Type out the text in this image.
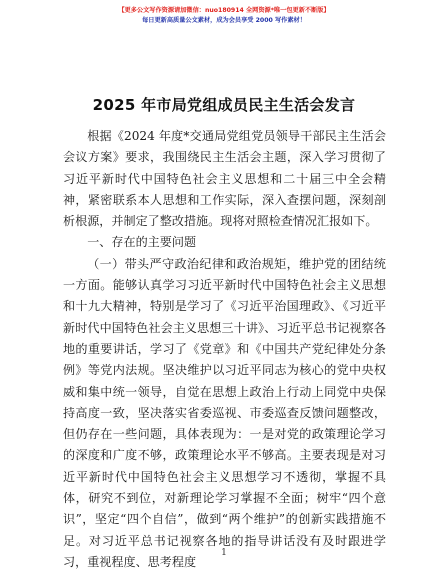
【更多公文写作资源请加微信：nuo180914 全网资源*唯一包更新不断版】
每日更新高质量公文素材，成为会员享受 2000 写作素材！
2025 年市局党组成员民主生活会发言

根据《2024 年度*交通局党组党员领导干部民主生活会会议方案》要求，我围绕民主生活会主题，深入学习贯彻了习近平新时代中国特色社会主义思想和二十届三中全会精神，紧密联系本人思想和工作实际，深入查摆问题，深刻剖析根源，并制定了整改措施。现将对照检查情况汇报如下。

一、存在的主要问题

（一）带头严守政治纪律和政治规矩，维护党的团结统一方面。能够认真学习习近平新时代中国特色社会主义思想和十九大精神，特别是学习了《习近平治国理政》、《习近平新时代中国特色社会主义思想三十讲》、习近平总书记视察各地的重要讲话，学习了《党章》和《中国共产党纪律处分条例》等党内法规。坚决维护以习近平同志为核心的党中央权威和集中统一领导，自觉在思想上政治上行动上同党中央保持高度一致，坚决落实省委巡视、市委巡查反馈问题整改，但仍存在一些问题，具体表现为：一是对党的政策理论学习的深度和广度不够，政策理论水平不够高。主要表现是对习近平新时代中国特色社会主义思想学习不透彻，掌握不具体，研究不到位，对新理论学习掌握不全面；树牢“四个意识”，坚定“四个自信”，做到“两个维护”的创新实践措施不足。对习近平总书记视察各地的指导讲话没有及时跟进学习，重视程度、思考程度

1
